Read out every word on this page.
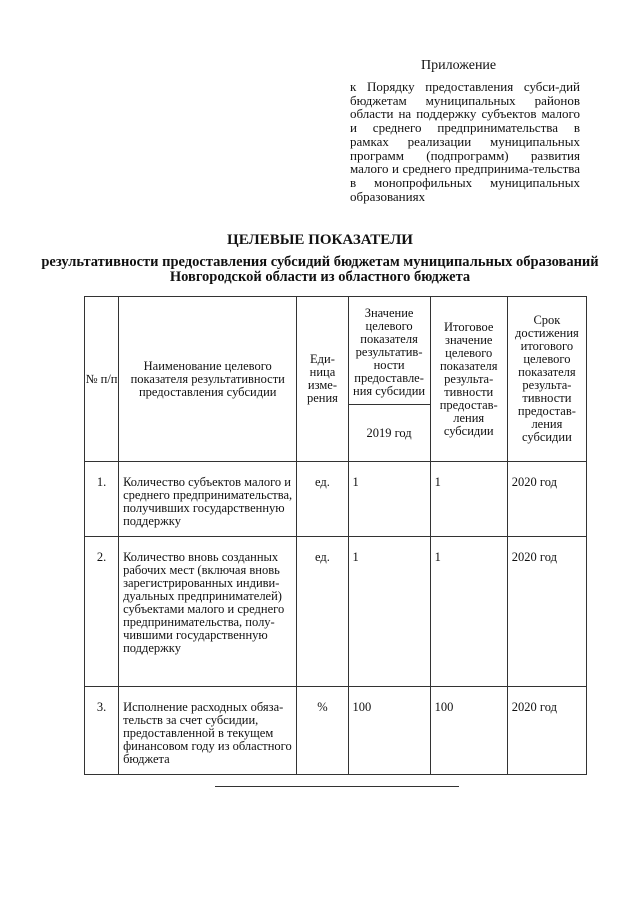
Приложение
к Порядку предоставления субси-дий бюджетам муниципальных районов области на поддержку субъектов малого и среднего предпринимательства в рамках реализации муниципальных программ (подпрограмм) развития малого и среднего предпринима-тельства в монопрофильных муниципальных образованиях
ЦЕЛЕВЫЕ ПОКАЗАТЕЛИ
результативности предоставления субсидий бюджетам муниципальных образований Новгородской области из областного бюджета
№ п/п	Наименование целевого показателя результативности предоставления субсидии	Еди-ница изме-рения	Значение целевого показателя результатив-ности предоставле-ния субсидии	Итоговое значение целевого показателя результа-тивности предостав-ления субсидии	Срок достижения итогового целевого показателя результа-тивности предостав-ления субсидии
			2019 год		
1.	Количество субъектов малого и среднего предпринимательства, получивших государственную поддержку	ед.	1	1	2020 год
2.	Количество вновь созданных рабочих мест (включая вновь зарегистрированных индиви-дуальных предпринимателей) субъектами малого и среднего предпринимательства, полу-чившими государственную поддержку	ед.	1	1	2020 год
3.	Исполнение расходных обяза-тельств за счет субсидии, предоставленной в текущем финансовом году из областного бюджета	%	100	100	2020 год
